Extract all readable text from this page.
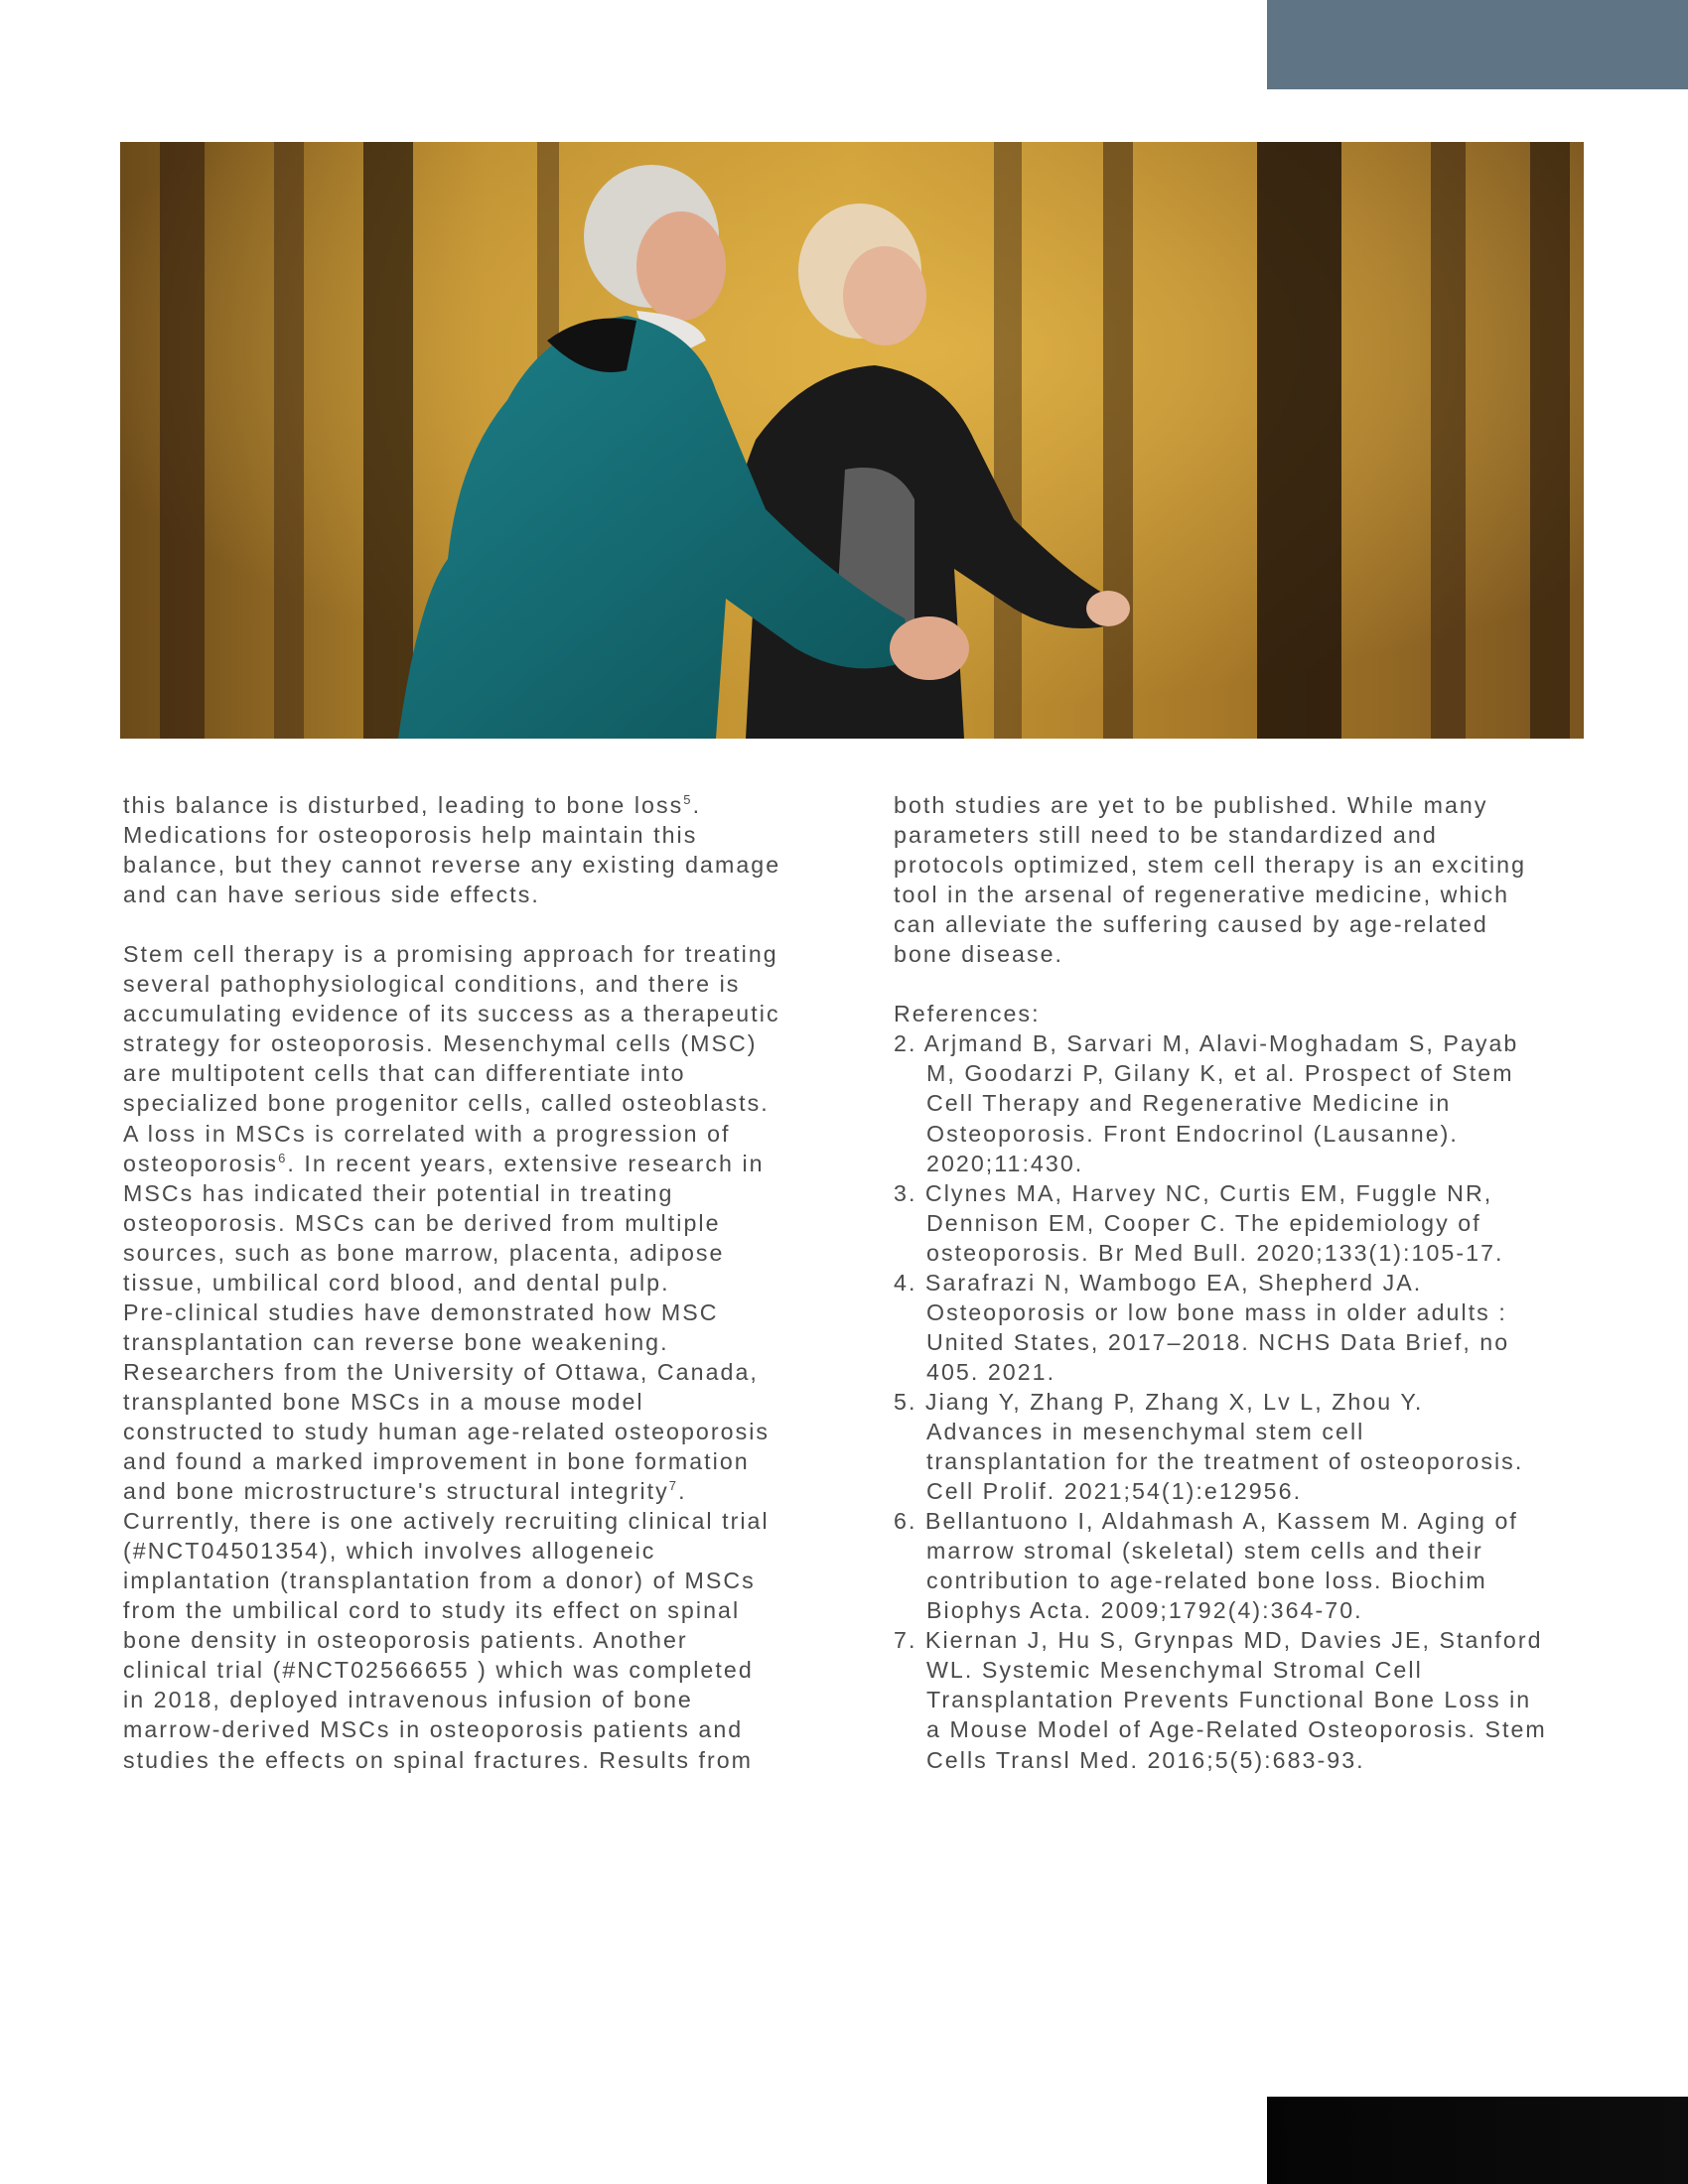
this balance is disturbed, leading to bone loss$^5$.
Medications for osteoporosis help maintain this
balance, but they cannot reverse any existing damage
and can have serious side effects.
Stem cell therapy is a promising approach for treating
several pathophysiological conditions, and there is
accumulating evidence of its success as a therapeutic
strategy for osteoporosis. Mesenchymal cells (MSC)
are multipotent cells that can differentiate into
specialized bone progenitor cells, called osteoblasts.
A loss in MSCs is correlated with a progression of
osteoporosis$^6$. In recent years, extensive research in
MSCs has indicated their potential in treating
osteoporosis. MSCs can be derived from multiple
sources, such as bone marrow, placenta, adipose
tissue, umbilical cord blood, and dental pulp.
Pre-clinical studies have demonstrated how MSC
transplantation can reverse bone weakening.
Researchers from the University of Ottawa, Canada,
transplanted bone MSCs in a mouse model
constructed to study human age-related osteoporosis
and found a marked improvement in bone formation
and bone microstructure's structural integrity$^7$.
Currently, there is one actively recruiting clinical trial
(#NCT04501354), which involves allogeneic
implantation (transplantation from a donor) of MSCs
from the umbilical cord to study its effect on spinal
bone density in osteoporosis patients. Another
clinical trial (#NCT02566655 ) which was completed
in 2018, deployed intravenous infusion of bone
marrow-derived MSCs in osteoporosis patients and
studies the effects on spinal fractures. Results from
both studies are yet to be published. While many
parameters still need to be standardized and
protocols optimized, stem cell therapy is an exciting
tool in the arsenal of regenerative medicine, which
can alleviate the suffering caused by age-related
bone disease.
References:
2. Arjmand B, Sarvari M, Alavi-Moghadam S, Payab
M, Goodarzi P, Gilany K, et al. Prospect of Stem
Cell Therapy and Regenerative Medicine in
Osteoporosis. Front Endocrinol (Lausanne).
2020;11:430.
3. Clynes MA, Harvey NC, Curtis EM, Fuggle NR,
Dennison EM, Cooper C. The epidemiology of
osteoporosis. Br Med Bull. 2020;133(1):105-17.
4. Sarafrazi N, Wambogo EA, Shepherd JA.
Osteoporosis or low bone mass in older adults :
United States, 2017–2018. NCHS Data Brief, no
405. 2021.
5. Jiang Y, Zhang P, Zhang X, Lv L, Zhou Y.
Advances in mesenchymal stem cell
transplantation for the treatment of osteoporosis.
Cell Prolif. 2021;54(1):e12956.
6. Bellantuono I, Aldahmash A, Kassem M. Aging of
marrow stromal (skeletal) stem cells and their
contribution to age-related bone loss. Biochim
Biophys Acta. 2009;1792(4):364-70.
7. Kiernan J, Hu S, Grynpas MD, Davies JE, Stanford
WL. Systemic Mesenchymal Stromal Cell
Transplantation Prevents Functional Bone Loss in
a Mouse Model of Age-Related Osteoporosis. Stem
Cells Transl Med. 2016;5(5):683-93.
